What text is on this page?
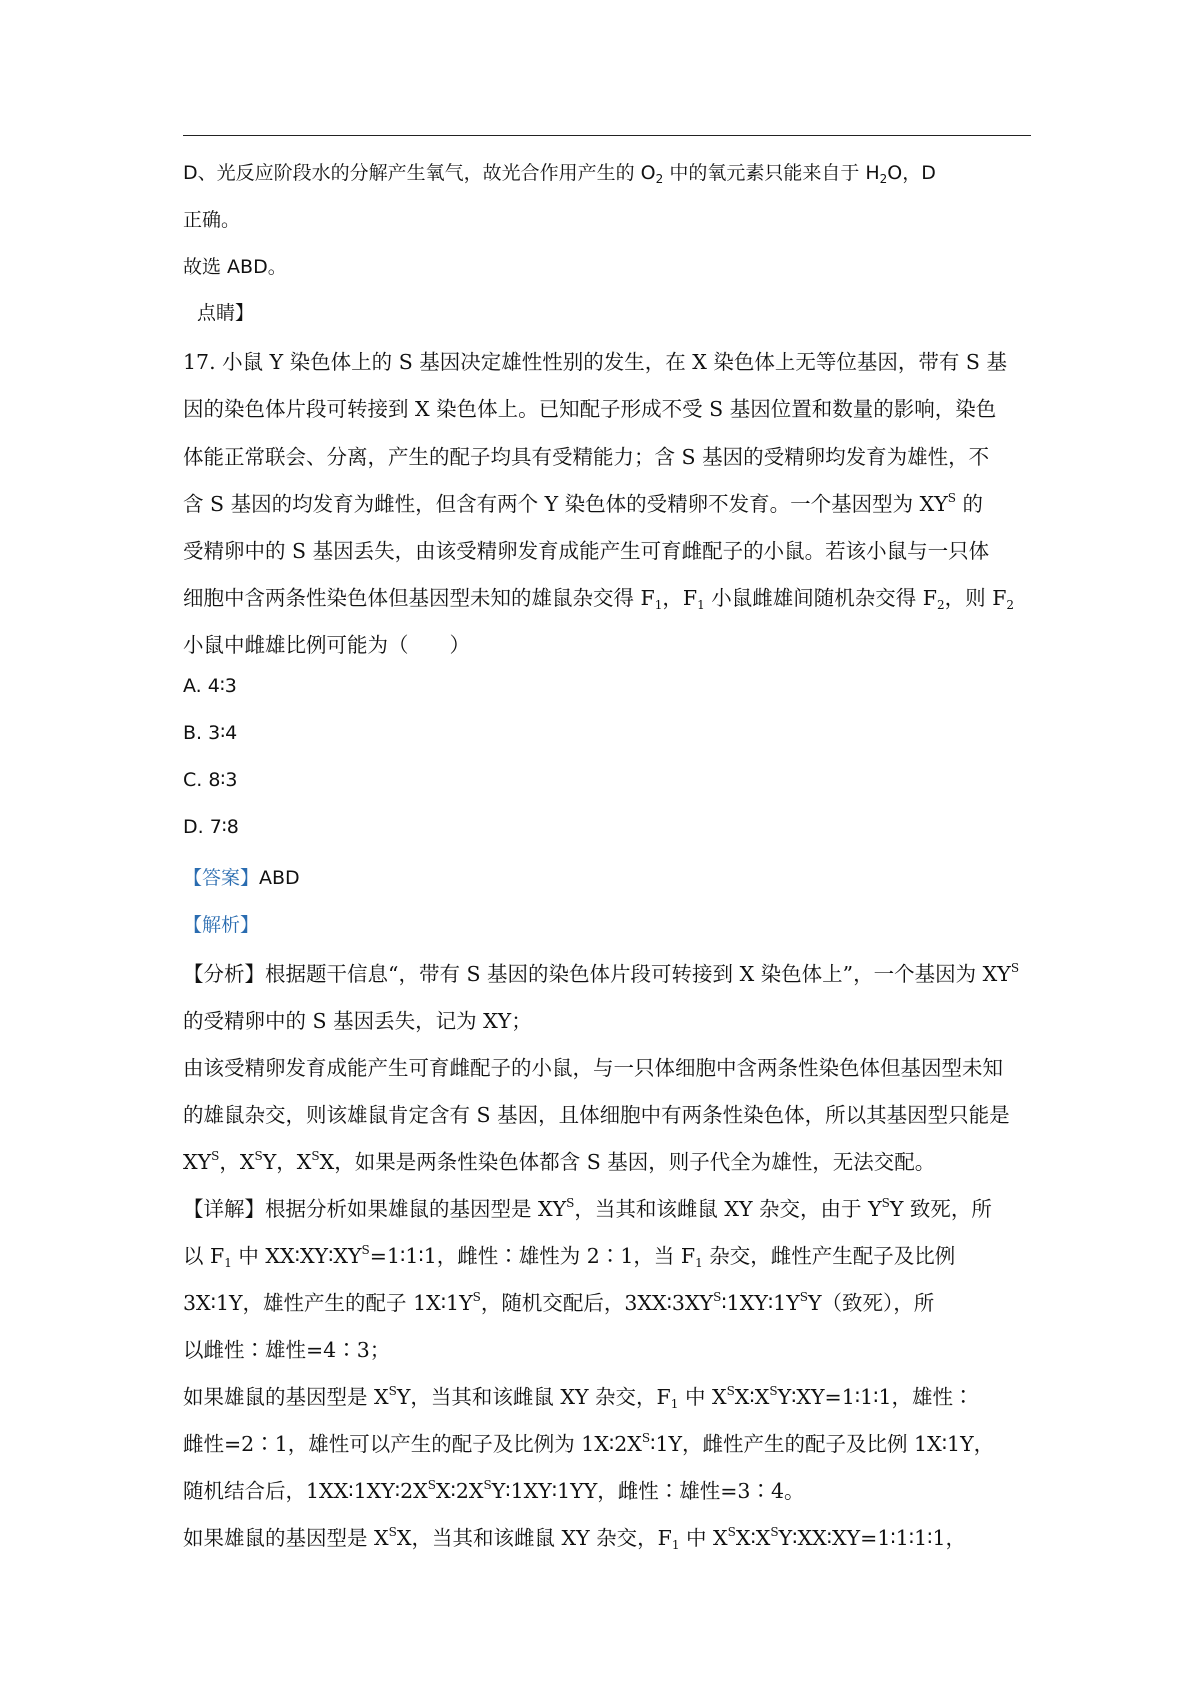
D、光反应阶段水的分解产生氧气，故光合作用产生的 $O_2$ 中的氧元素只能来自于 $H_2O$，D
正确。
故选 ABD。
点睛】
17. 小鼠 Y 染色体上的 S 基因决定雄性性别的发生，在 X 染色体上无等位基因，带有 S 基
因的染色体片段可转接到 X 染色体上。已知配子形成不受 S 基因位置和数量的影响，染色
体能正常联会、分离，产生的配子均具有受精能力；含 S 基因的受精卵均发育为雄性，不
含 S 基因的均发育为雌性，但含有两个 Y 染色体的受精卵不发育。一个基因型为 $XY^S$ 的
受精卵中的 S 基因丢失，由该受精卵发育成能产生可育雌配子的小鼠。若该小鼠与一只体
细胞中含两条性染色体但基因型未知的雄鼠杂交得 $F_1$，$F_1$ 小鼠雌雄间随机杂交得 $F_2$，则 $F_2$
小鼠中雌雄比例可能为（　　）
A. 4∶3
B. 3∶4
C. 8∶3
D. 7∶8
【答案】ABD
【解析】
【分析】根据题干信息“，带有 S 基因的染色体片段可转接到 X 染色体上”，一个基因为 $XY^S$
的受精卵中的 S 基因丢失，记为 XY；
由该受精卵发育成能产生可育雌配子的小鼠，与一只体细胞中含两条性染色体但基因型未知
的雄鼠杂交，则该雄鼠肯定含有 S 基因，且体细胞中有两条性染色体，所以其基因型只能是
$XY^S$，$X^SY$，$X^SX$，如果是两条性染色体都含 S 基因，则子代全为雄性，无法交配。
【详解】根据分析如果雄鼠的基因型是 $XY^S$，当其和该雌鼠 XY 杂交，由于 $Y^SY$ 致死，所
以 $F_1$ 中 $XX∶XY∶XY^S=1∶1∶1$，雌性∶雄性为 2∶1，当 $F_1$ 杂交，雌性产生配子及比例
3X∶1Y，雄性产生的配子 $1X∶1Y^S$，随机交配后，$3XX∶3XY^S∶1XY∶1Y^SY$（致死），所
以雌性∶雄性=4∶3；
如果雄鼠的基因型是 $X^SY$，当其和该雌鼠 XY 杂交，$F_1$ 中 $X^SX∶X^SY∶XY=1∶1∶1$，雄性∶
雌性=2∶1，雄性可以产生的配子及比例为 $1X∶2X^S∶1Y$，雌性产生的配子及比例 1X∶1Y，
随机结合后，$1XX∶1XY∶2X^SX∶2X^SY∶1XY∶1YY$，雌性∶雄性=3∶4。
如果雄鼠的基因型是 $X^SX$，当其和该雌鼠 XY 杂交，$F_1$ 中 $X^SX∶X^SY∶XX∶XY=1∶1∶1∶1$，
